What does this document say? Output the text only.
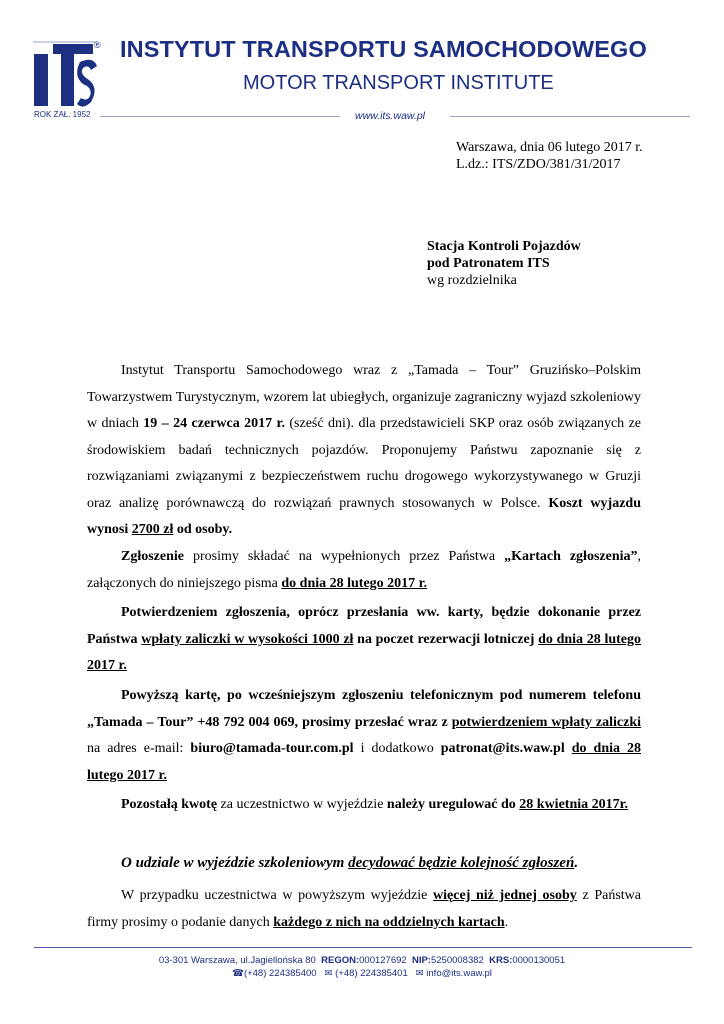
® INSTYTUT TRANSPORTU SAMOCHODOWEGO
MOTOR TRANSPORT INSTITUTE
ROK ZAŁ. 1952	www.its.waw.pl
Warszawa, dnia 06 lutego 2017 r.
L.dz.: ITS/ZDO/381/31/2017
Stacja Kontroli Pojazdów
pod Patronatem ITS
wg rozdzielnika
Instytut Transportu Samochodowego wraz z „Tamada – Tour” Gruzińsko–Polskim Towarzystwem Turystycznym, wzorem lat ubiegłych, organizuje zagraniczny wyjazd szkoleniowy w dniach 19 – 24 czerwca 2017 r. (sześć dni). dla przedstawicieli SKP oraz osób związanych ze środowiskiem badań technicznych pojazdów. Proponujemy Państwu zapoznanie się z rozwiązaniami związanymi z bezpieczeństwem ruchu drogowego wykorzystywanego w Gruzji oraz analizę porównawczą do rozwiązań prawnych stosowanych w Polsce. Koszt wyjazdu wynosi 2700 zł od osoby.
Zgłoszenie prosimy składać na wypełnionych przez Państwa „Kartach zgłoszenia”, załączonych do niniejszego pisma do dnia 28 lutego 2017 r.
Potwierdzeniem zgłoszenia, oprócz przesłania ww. karty, będzie dokonanie przez Państwa wpłaty zaliczki w wysokości 1000 zł na poczet rezerwacji lotniczej do dnia 28 lutego 2017 r.
Powyższą kartę, po wcześniejszym zgłoszeniu telefonicznym pod numerem telefonu „Tamada – Tour” +48 792 004 069, prosimy przesłać wraz z potwierdzeniem wpłaty zaliczki na adres e-mail: biuro@tamada-tour.com.pl i dodatkowo patronat@its.waw.pl do dnia 28 lutego 2017 r.
Pozostałą kwotę za uczestnictwo w wyjeździe należy uregulować do 28 kwietnia 2017r.
O udziale w wyjeździe szkoleniowym decydować będzie kolejność zgłoszeń.
W przypadku uczestnictwa w powyższym wyjeździe więcej niż jednej osoby z Państwa firmy prosimy o podanie danych każdego z nich na oddzielnych kartach.
03-301 Warszawa, ul.Jagiellońska 80 REGON:000127692 NIP:5250008382 KRS:0000130051
☎(+48) 224385400 ✉ (+48) 224385401 ✉ info@its.waw.pl
